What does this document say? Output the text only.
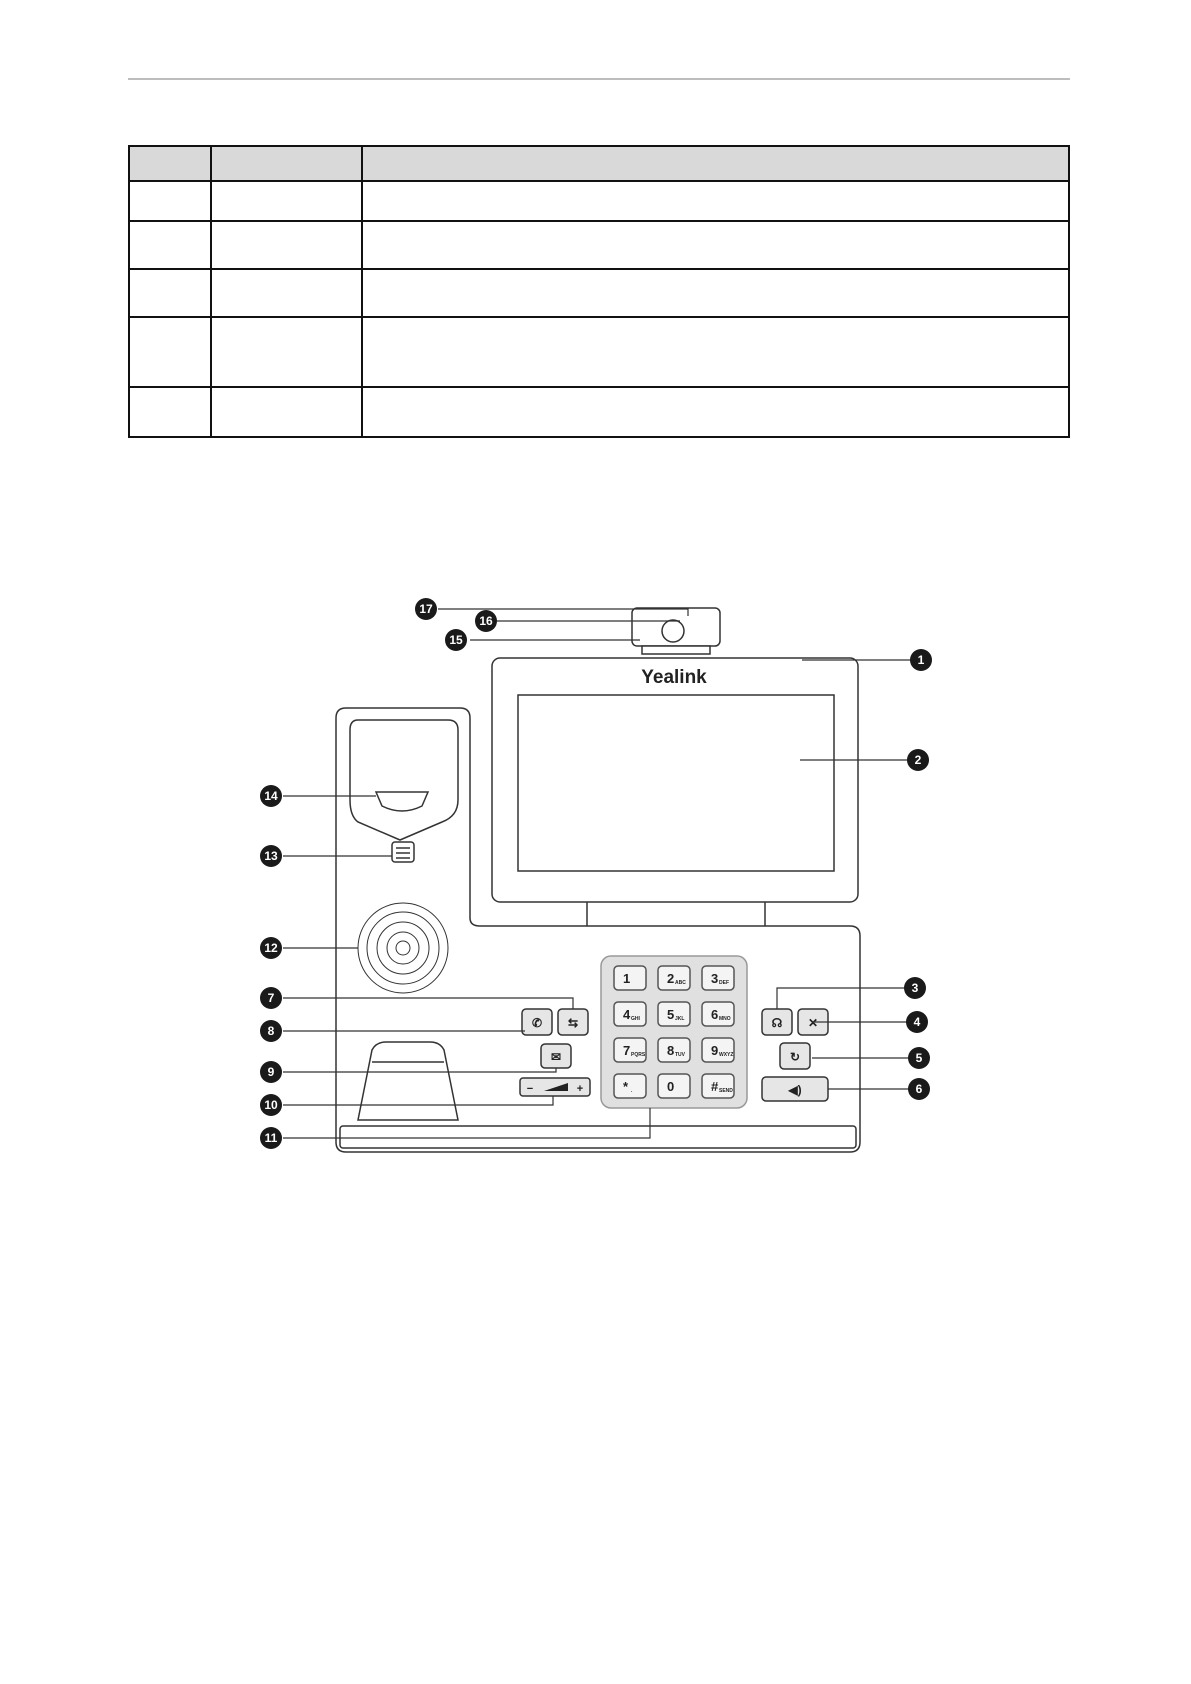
Yealink
✆ ⇆
✉
−	+
1	2 ABC 3 DEF
4 GHI 5 JKL 6 MNO
7 PQRS 8 TUV 9 WXYZ
* .	0	# SEND
☊ ✕
↻
◀)
1
2
3
4
5
6
7
8
9
10
11
12
13
14
15
16
17
